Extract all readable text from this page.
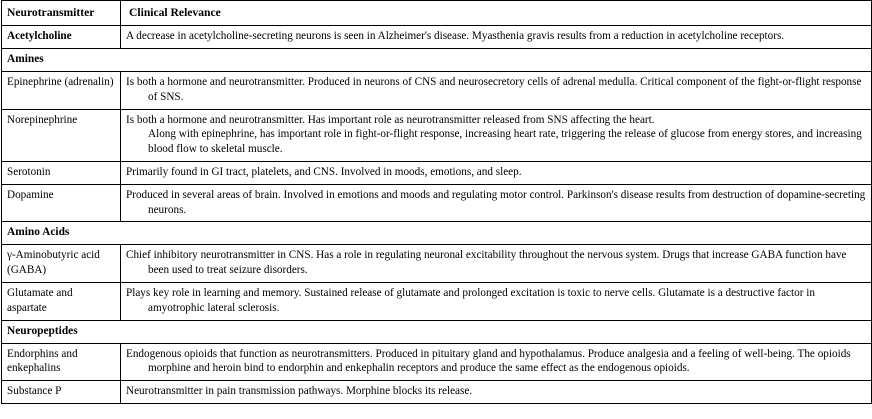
Neurotransmitter	Clinical Relevance
Acetylcholine	A decrease in acetylcholine-secreting neurons is seen in Alzheimer's disease. Myasthenia gravis results from a reduction in acetylcholine receptors.

Amines	
Epinephrine (adrenalin)	Is both a hormone and neurotransmitter. Produced in neurons of CNS and neurosecretory cells of adrenal medulla. Critical component of the fight-or-flight response of SNS.

Norepinephrine	Is both a hormone and neurotransmitter. Has important role as neurotransmitter released from SNS affecting the heart.
Along with epinephrine, has important role in fight-or-flight response, increasing heart rate, triggering the release of glucose from energy stores, and increasing blood flow to skeletal muscle.

Serotonin	Primarily found in GI tract, platelets, and CNS. Involved in moods, emotions, and sleep.

Dopamine	Produced in several areas of brain. Involved in emotions and moods and regulating motor control. Parkinson's disease results from destruction of dopamine-secreting neurons.

Amino Acids	
γ-Aminobutyric acid (GABA)	Chief inhibitory neurotransmitter in CNS. Has a role in regulating neuronal excitability throughout the nervous system. Drugs that increase GABA function have been used to treat seizure disorders.

Glutamate and aspartate	Plays key role in learning and memory. Sustained release of glutamate and prolonged excitation is toxic to nerve cells. Glutamate is a destructive factor in amyotrophic lateral sclerosis.

Neuropeptides	
Endorphins and enkephalins	Endogenous opioids that function as neurotransmitters. Produced in pituitary gland and hypothalamus. Produce analgesia and a feeling of well-being. The opioids morphine and heroin bind to endorphin and enkephalin receptors and produce the same effect as the endogenous opioids.

Substance P	Neurotransmitter in pain transmission pathways. Morphine blocks its release.
